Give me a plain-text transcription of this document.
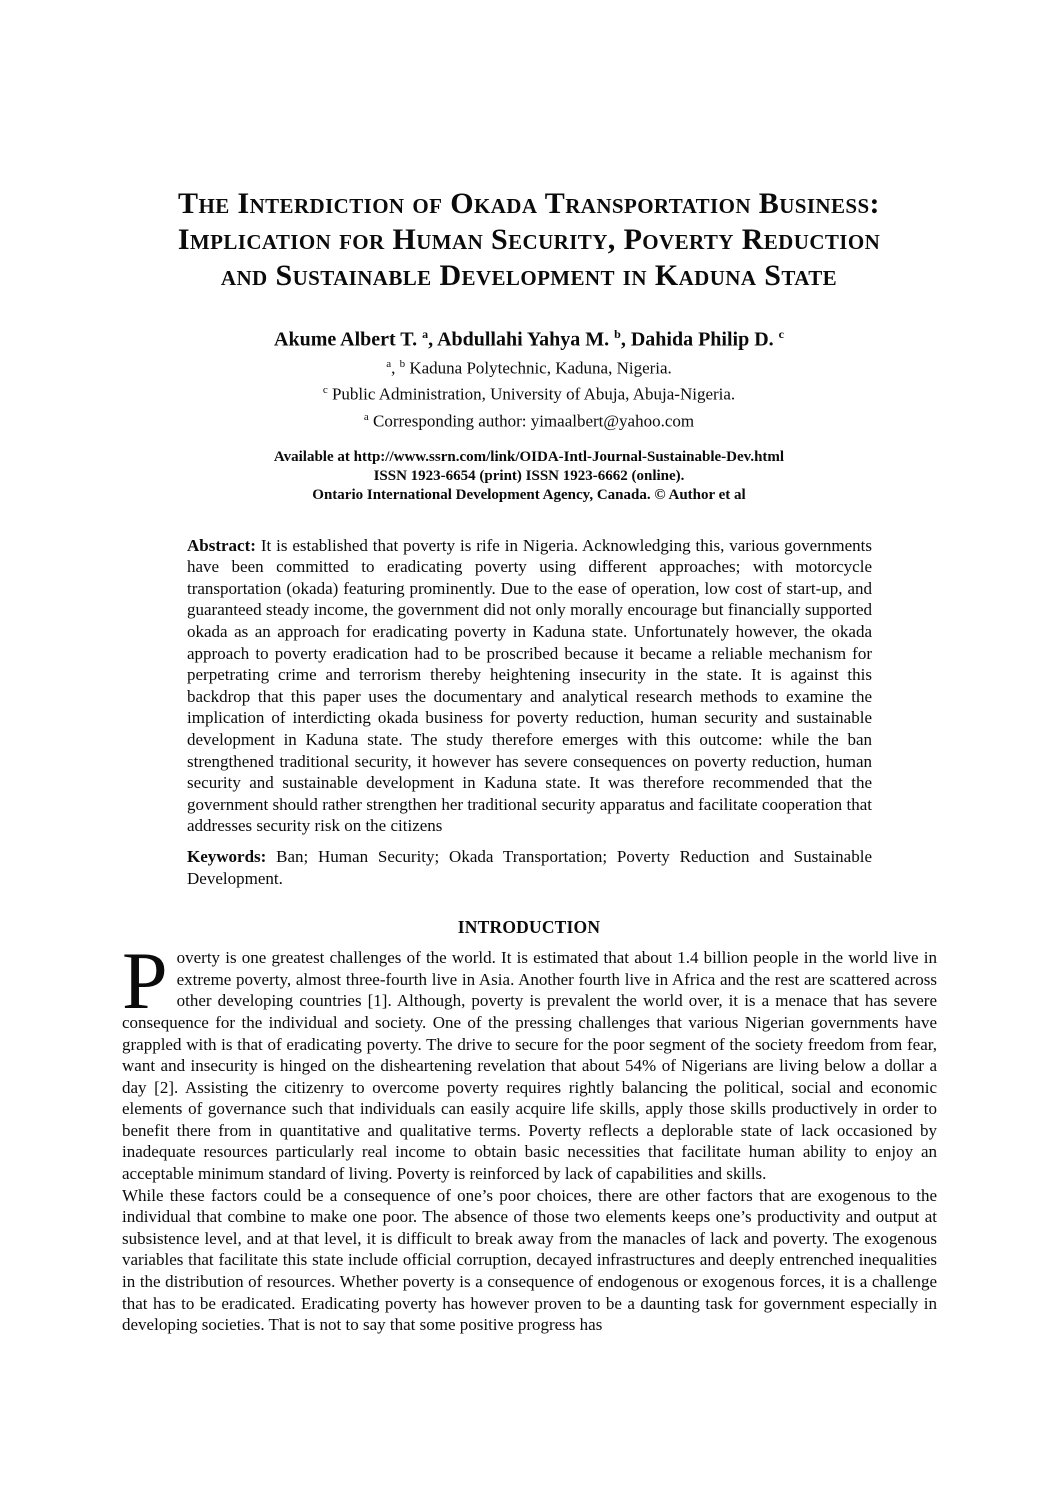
The Interdiction of Okada Transportation Business:
Implication for Human Security, Poverty Reduction
and Sustainable Development in Kaduna State

Akume Albert T. $^a$, Abdullahi Yahya M. $^b$, Dahida Philip D. $^c$

$^a$, $^b$ Kaduna Polytechnic, Kaduna, Nigeria.

$^c$ Public Administration, University of Abuja, Abuja-Nigeria.

$^a$ Corresponding author: yimaalbert@yahoo.com

Available at http://www.ssrn.com/link/OIDA-Intl-Journal-Sustainable-Dev.html
ISSN 1923-6654 (print) ISSN 1923-6662 (online).
Ontario International Development Agency, Canada. © Author et al

Abstract: It is established that poverty is rife in Nigeria. Acknowledging this, various governments have been committed to eradicating poverty using different approaches; with motorcycle transportation (okada) featuring prominently. Due to the ease of operation, low cost of start-up, and guaranteed steady income, the government did not only morally encourage but financially supported okada as an approach for eradicating poverty in Kaduna state. Unfortunately however, the okada approach to poverty eradication had to be proscribed because it became a reliable mechanism for perpetrating crime and terrorism thereby heightening insecurity in the state. It is against this backdrop that this paper uses the documentary and analytical research methods to examine the implication of interdicting okada business for poverty reduction, human security and sustainable development in Kaduna state. The study therefore emerges with this outcome: while the ban strengthened traditional security, it however has severe consequences on poverty reduction, human security and sustainable development in Kaduna state. It was therefore recommended that the government should rather strengthen her traditional security apparatus and facilitate cooperation that addresses security risk on the citizens

Keywords: Ban; Human Security; Okada Transportation; Poverty Reduction and Sustainable Development.

INTRODUCTION

Poverty is one greatest challenges of the world. It is estimated that about 1.4 billion people in the world live in extreme poverty, almost three-fourth live in Asia. Another fourth live in Africa and the rest are scattered across other developing countries [1]. Although, poverty is prevalent the world over, it is a menace that has severe consequence for the individual and society. One of the pressing challenges that various Nigerian governments have grappled with is that of eradicating poverty. The drive to secure for the poor segment of the society freedom from fear, want and insecurity is hinged on the disheartening revelation that about 54% of Nigerians are living below a dollar a day [2]. Assisting the citizenry to overcome poverty requires rightly balancing the political, social and economic elements of governance such that individuals can easily acquire life skills, apply those skills productively in order to benefit there from in quantitative and qualitative terms. Poverty reflects a deplorable state of lack occasioned by inadequate resources particularly real income to obtain basic necessities that facilitate human ability to enjoy an acceptable minimum standard of living. Poverty is reinforced by lack of capabilities and skills.

While these factors could be a consequence of one’s poor choices, there are other factors that are exogenous to the individual that combine to make one poor. The absence of those two elements keeps one’s productivity and output at subsistence level, and at that level, it is difficult to break away from the manacles of lack and poverty. The exogenous variables that facilitate this state include official corruption, decayed infrastructures and deeply entrenched inequalities in the distribution of resources. Whether poverty is a consequence of endogenous or exogenous forces, it is a challenge that has to be eradicated. Eradicating poverty has however proven to be a daunting task for government especially in developing societies. That is not to say that some positive progress has
